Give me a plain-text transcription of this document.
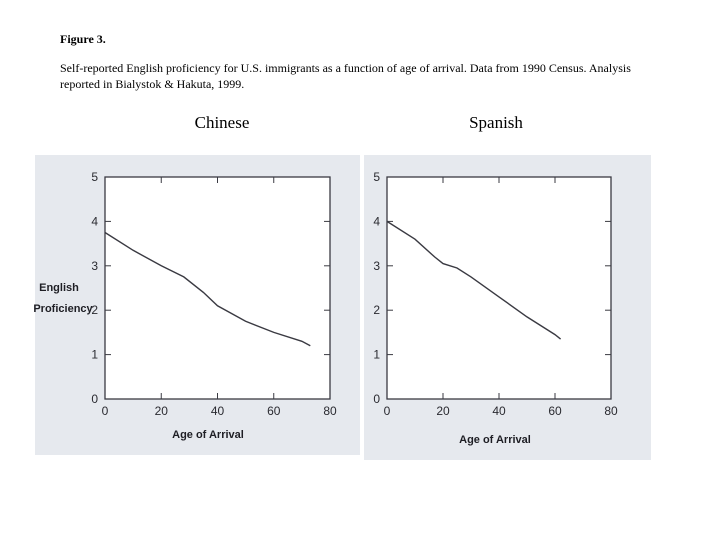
Figure 3.
Self-reported English proficiency for U.S. immigrants as a function of age of arrival. Data from 1990 Census. Analysis reported in Bialystok & Hakuta, 1999.
Chinese	Spanish
0	20	40	60	80
0
1
2
3
4
5
Age of Arrival
English
Proficiency
0	20	40	60	80
0
1
2
3
4
5
Age of Arrival
